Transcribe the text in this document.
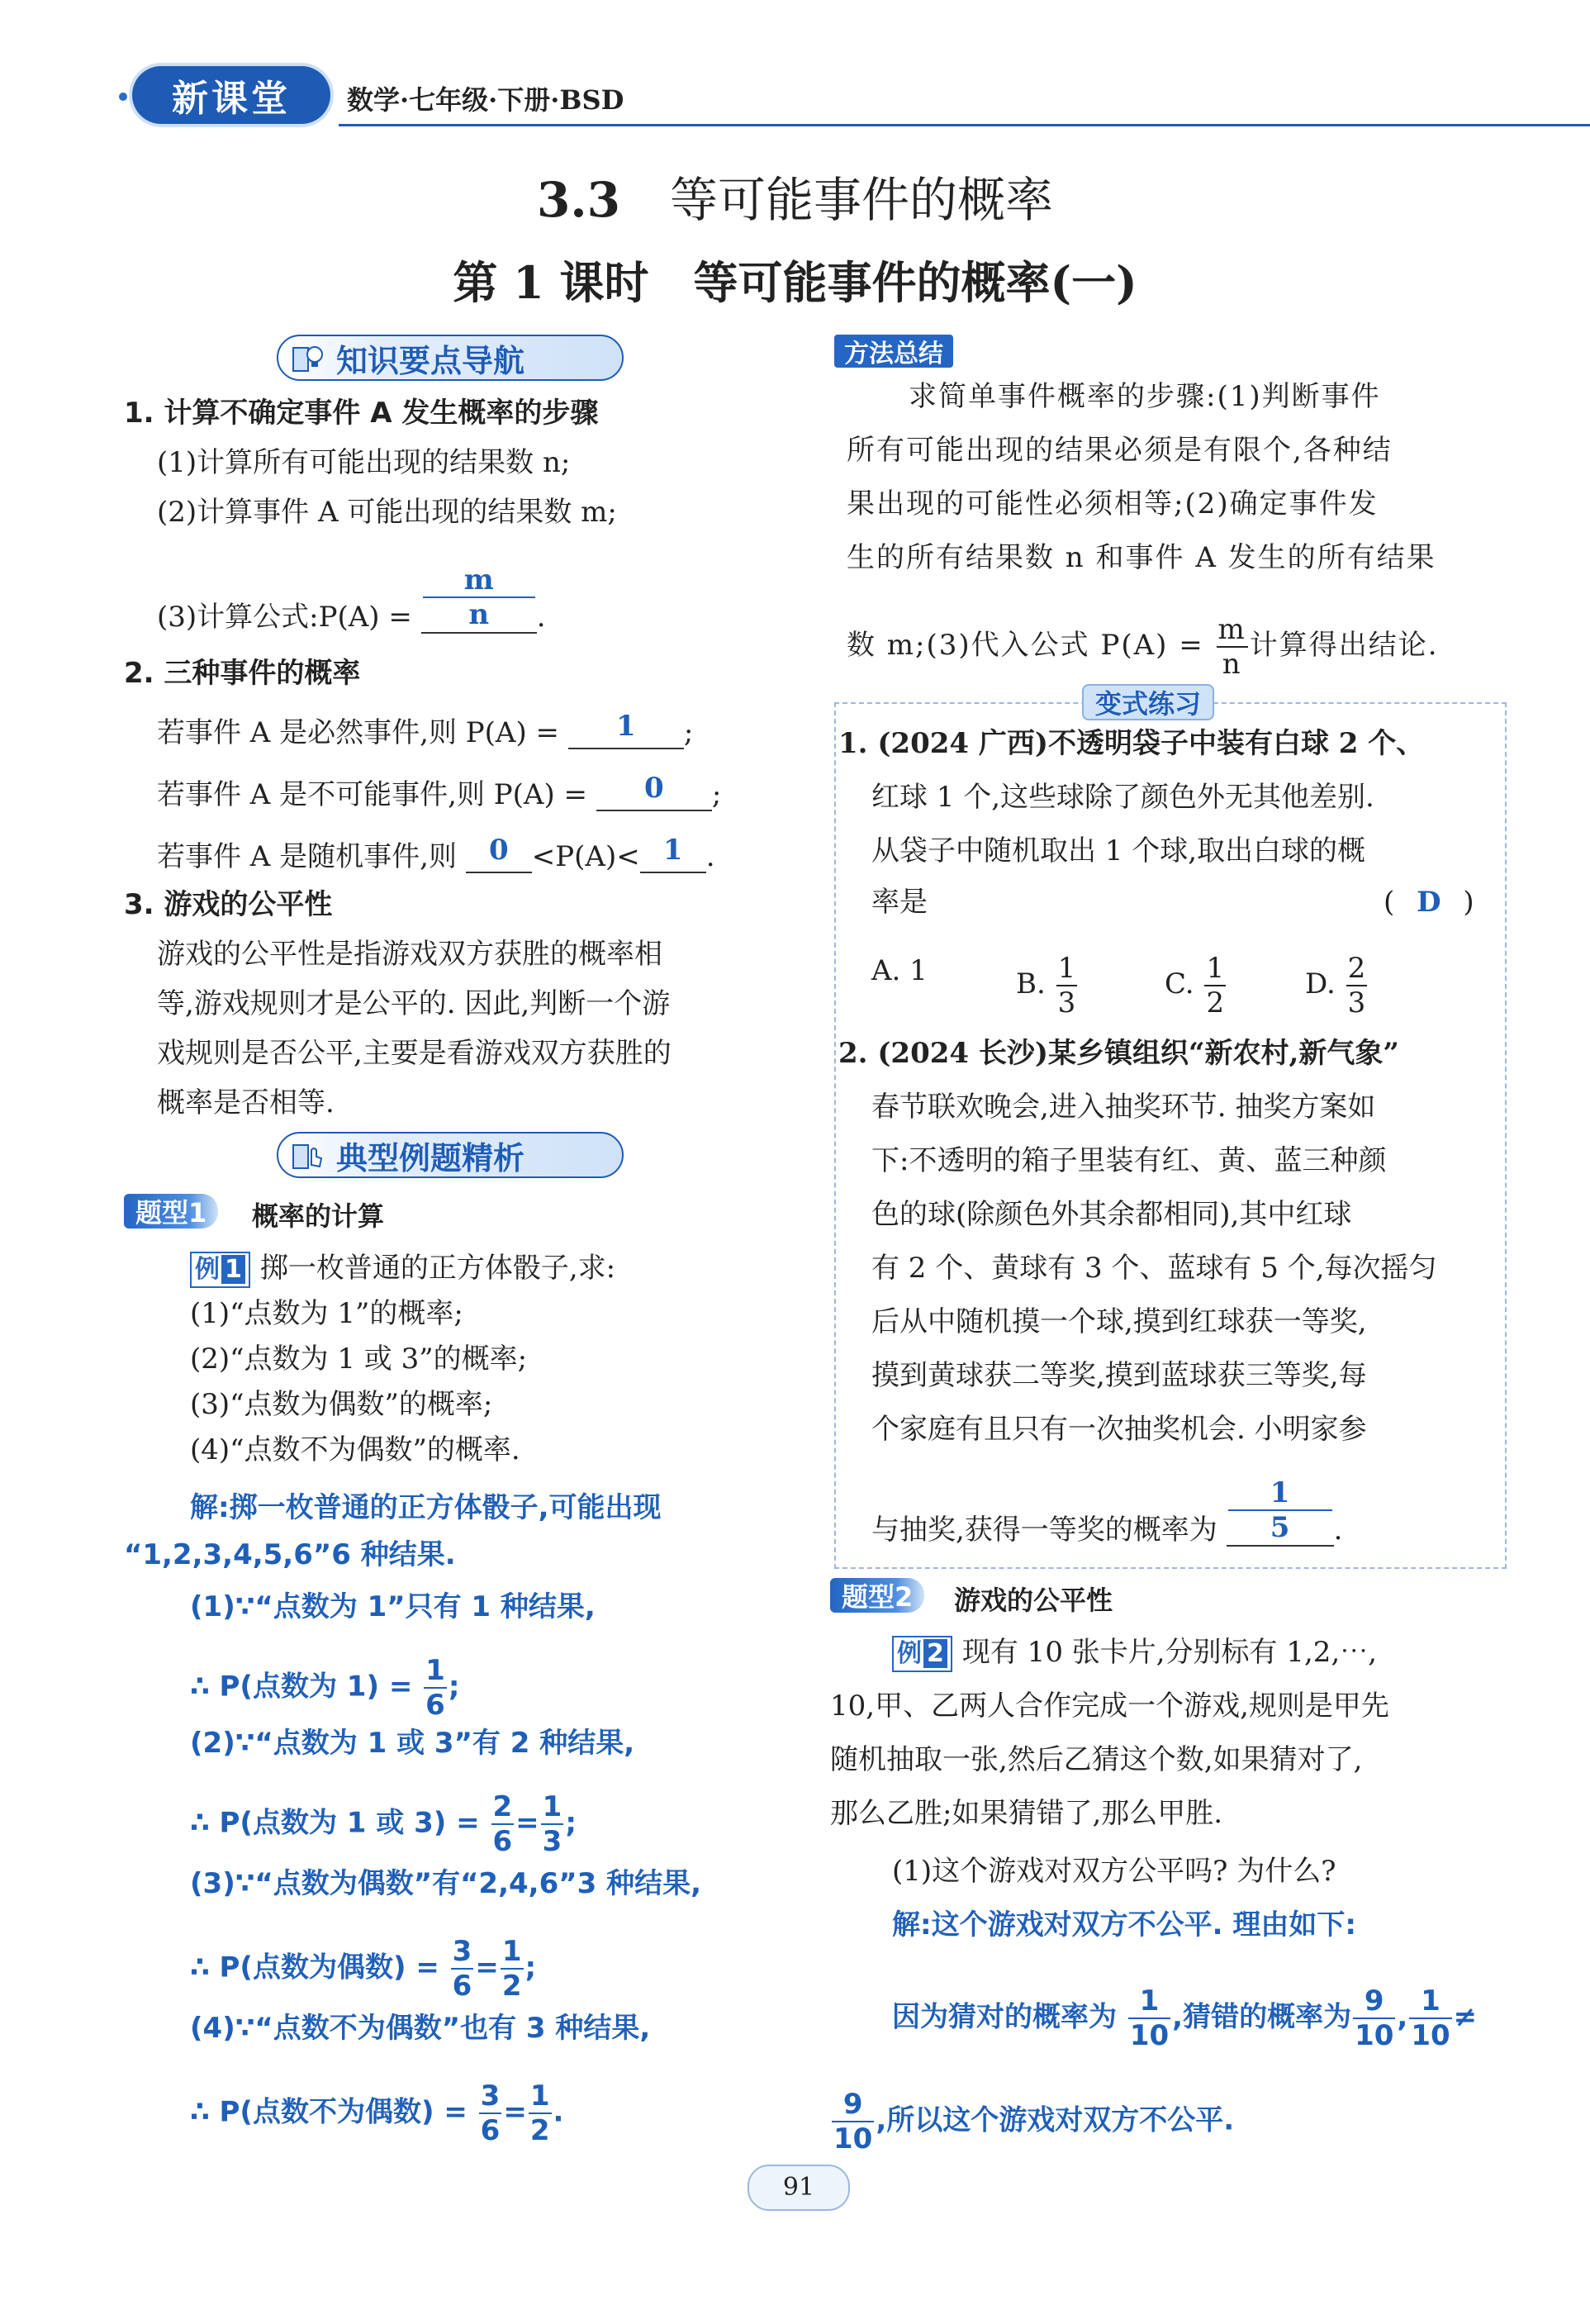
新课堂	数学·七年级·下册·BSD
3.3 等可能事件的概率
第 1 课时　等可能事件的概率(一)
知识要点导航
1. 计算不确定事件 A 发生概率的步骤
(1)计算所有可能出现的结果数 n;
(2)计算事件 A 可能出现的结果数 m;
(3)计算公式:P(A) = $\frac{m}{n}$ .
2. 三种事件的概率
若事件 A 是必然事件,则 P(A) =	1	;
若事件 A 是不可能事件,则 P(A) =	0	;
若事件 A 是随机事件,则	0 <P(A)< 1 .
3. 游戏的公平性
游戏的公平性是指游戏双方获胜的概率相
等,游戏规则才是公平的. 因此,判断一个游
戏规则是否公平,主要是看游戏双方获胜的
概率是否相等.
典型例题精析
题型1	概率的计算
例 1 掷一枚普通的正方体骰子,求:
(1)“点数为 1”的概率;
(2)“点数为 1 或 3”的概率;
(3)“点数为偶数”的概率;
(4)“点数不为偶数”的概率.
解:掷一枚普通的正方体骰子,可能出现
“1,2,3,4,5,6”6 种结果.
(1)∵“点数为 1”只有 1 种结果,
∴ P(点数为 $1) = \frac{1}{6}$ ;
(2)∵“点数为 1 或 3”有 2 种结果,
∴ P(点数为 1 或 $3) = \frac{2}{6} = \frac{1}{3}$ ;
(3)∵“点数为偶数”有“2,4,6”3 种结果,
∴ P(点数为偶数) = $\frac{3}{6} = \frac{1}{2}$ ;
(4)∵“点数不为偶数”也有 3 种结果,
∴ P(点数不为偶数) = $\frac{3}{6} = \frac{1}{2}$ .
方法总结
求简单事件概率的步骤:(1)判断事件
所有可能出现的结果必须是有限个,各种结
果出现的可能性必须相等;(2)确定事件发
生的所有结果数 n 和事件 A 发生的所有结果
数 m;(3)代入公式 $P(A) = \frac{m}{n}$ 计算得出结论.
变式练习
1. (2024 广西)不透明袋子中装有白球 2 个、
红球 1 个,这些球除了颜色外无其他差别.
从袋子中随机取出 1 个球,取出白球的概
率是	( D )
A. 1	B. $\frac{1}{3}$	C. $\frac{1}{2}$	D. $\frac{2}{3}$
2. (2024 长沙)某乡镇组织“新农村,新气象”
春节联欢晚会,进入抽奖环节. 抽奖方案如
下:不透明的箱子里装有红、黄、蓝三种颜
色的球(除颜色外其余都相同),其中红球
有 2 个、黄球有 3 个、蓝球有 5 个,每次摇匀
后从中随机摸一个球,摸到红球获一等奖,
摸到黄球获二等奖,摸到蓝球获三等奖,每
个家庭有且只有一次抽奖机会. 小明家参
与抽奖,获得一等奖的概率为 $\frac{1}{5}$ .
题型2	游戏的公平性
例 2 现有 10 张卡片,分别标有 1,2,⋯,
10,甲、乙两人合作完成一个游戏,规则是甲先
随机抽取一张,然后乙猜这个数,如果猜对了,
那么乙胜;如果猜错了,那么甲胜.
(1)这个游戏对双方公平吗? 为什么?
解:这个游戏对双方不公平. 理由如下:
因为猜对的概率为 $\frac{1}{10}$ ,猜错的概率为 $\frac{9}{10}$ , $\frac{1}{10}$ ≠
$\frac{9}{10}$ ,所以这个游戏对双方不公平.
91
